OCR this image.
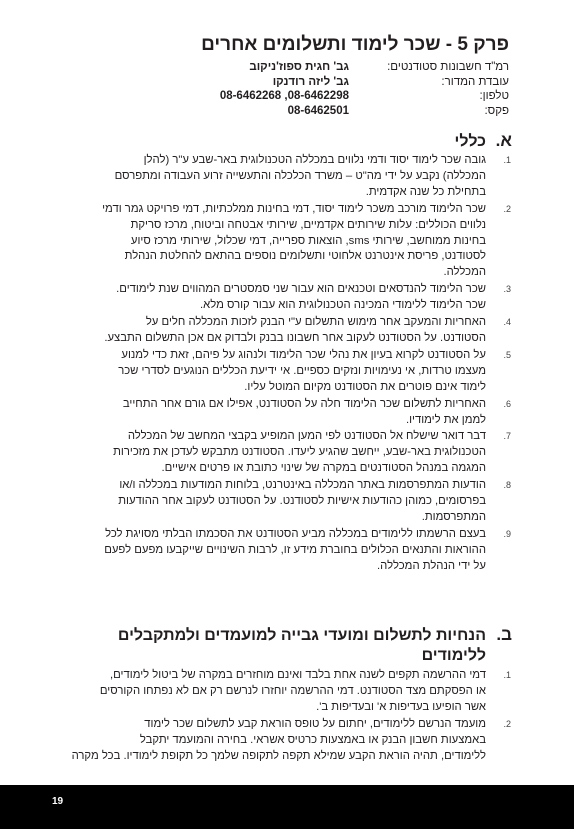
פרק 5 - שכר לימוד ותשלומים אחרים
רמ"ד חשבונות סטודנטים:
עובדת המדור:
טלפון:
פקס:
גב' חגית ספוז'ניקוב
גב' ליזה רודנקו
08-6462268 ,08-6462298
08-6462501
א.כללי
1.
גובה שכר לימוד יסוד ודמי נלווים במכללה הטכנולוגית באר-שבע ע"ר (להלן
המכללה) נקבע על ידי מה"ט – משרד הכלכלה והתעשייה זרוע העבודה ומתפרסם
בתחילת כל שנה אקדמית.
2.
שכר הלימוד מורכב משכר לימוד יסוד, דמי בחינות ממלכתיות, דמי פרויקט גמר ודמי
נלווים הכוללים: עלות שירותים אקדמיים, שירותי אבטחה וביטוח, מרכז סריקת
בחינות ממוחשב, שירותי sms, הוצאות ספרייה, דמי שכלול, שירותי מרכז סיוע
לסטודנט, פריסת אינטרנט אלחוטי ותשלומים נוספים בהתאם להחלטת הנהלת
המכללה.
3.
שכר הלימוד להנדסאים וטכנאים הוא עבור שני סמסטרים המהווים שנת לימודים.
שכר הלימוד ללימודי המכינה הטכנולוגית הוא עבור קורס מלא.
4.
האחריות והמעקב אחר מימוש התשלום ע"י הבנק לזכות המכללה חלים על
הסטודנט. על הסטודנט לעקוב אחר חשבונו בבנק ולבדוק אם אכן התשלום התבצע.
5.
על הסטודנט לקרוא בעיון את נהלי שכר הלימוד ולנהוג על פיהם, זאת כדי למנוע
מעצמו טרדות, אי נעימויות ונזקים כספיים. אי ידיעת הכללים הנוגעים לסדרי שכר
לימוד אינם פוטרים את הסטודנט מקיום המוטל עליו.
6.
האחריות לתשלום שכר הלימוד חלה על הסטודנט, אפילו אם גורם אחר התחייב
לממן את לימודיו.
7.
דבר דואר שישלח אל הסטודנט לפי המען המופיע בקבצי המחשב של המכללה
הטכנולוגית באר-שבע, ייחשב שהגיע ליעדו. הסטודנט מתבקש לעדכן את מזכירות
המגמה במנהל הסטודנטים במקרה של שינוי כתובת או פרטים אישיים.
8.
הודעות המתפרסמות באתר המכללה באינטרנט, בלוחות המודעות במכללה ו/או
בפרסומים, כמוהן כהודעות אישיות לסטודנט. על הסטודנט לעקוב אחר ההודעות
המתפרסמות.
9.
בעצם הרשמתו ללימודים במכללה מביע הסטודנט את הסכמתו הבלתי מסויגת לכל
ההוראות והתנאים הכלולים בחוברת מידע זו, לרבות השינויים שייקבעו מפעם לפעם
על ידי הנהלת המכללה.
ב.הנחיות לתשלום ומועדי גבייה למועמדים ולמתקבלים
ללימודים
1.
דמי ההרשמה תקפים לשנה אחת בלבד ואינם מוחזרים במקרה של ביטול לימודים,
או הפסקתם מצד הסטודנט. דמי ההרשמה יוחזרו לנרשם רק אם לא נפתחו הקורסים
אשר הופיעו בעדיפות א' ובעדיפות ב'.
2.
מועמד הנרשם ללימודים, יחתום על טופס הוראת קבע לתשלום שכר לימוד
באמצעות חשבון הבנק או באמצעות כרטיס אשראי. בחירה והמועמד יתקבל
ללימודים, תהיה הוראת הקבע שמילא תקפה לתקופה שלמך כל תקופת לימודיו. בכל מקרה
19
